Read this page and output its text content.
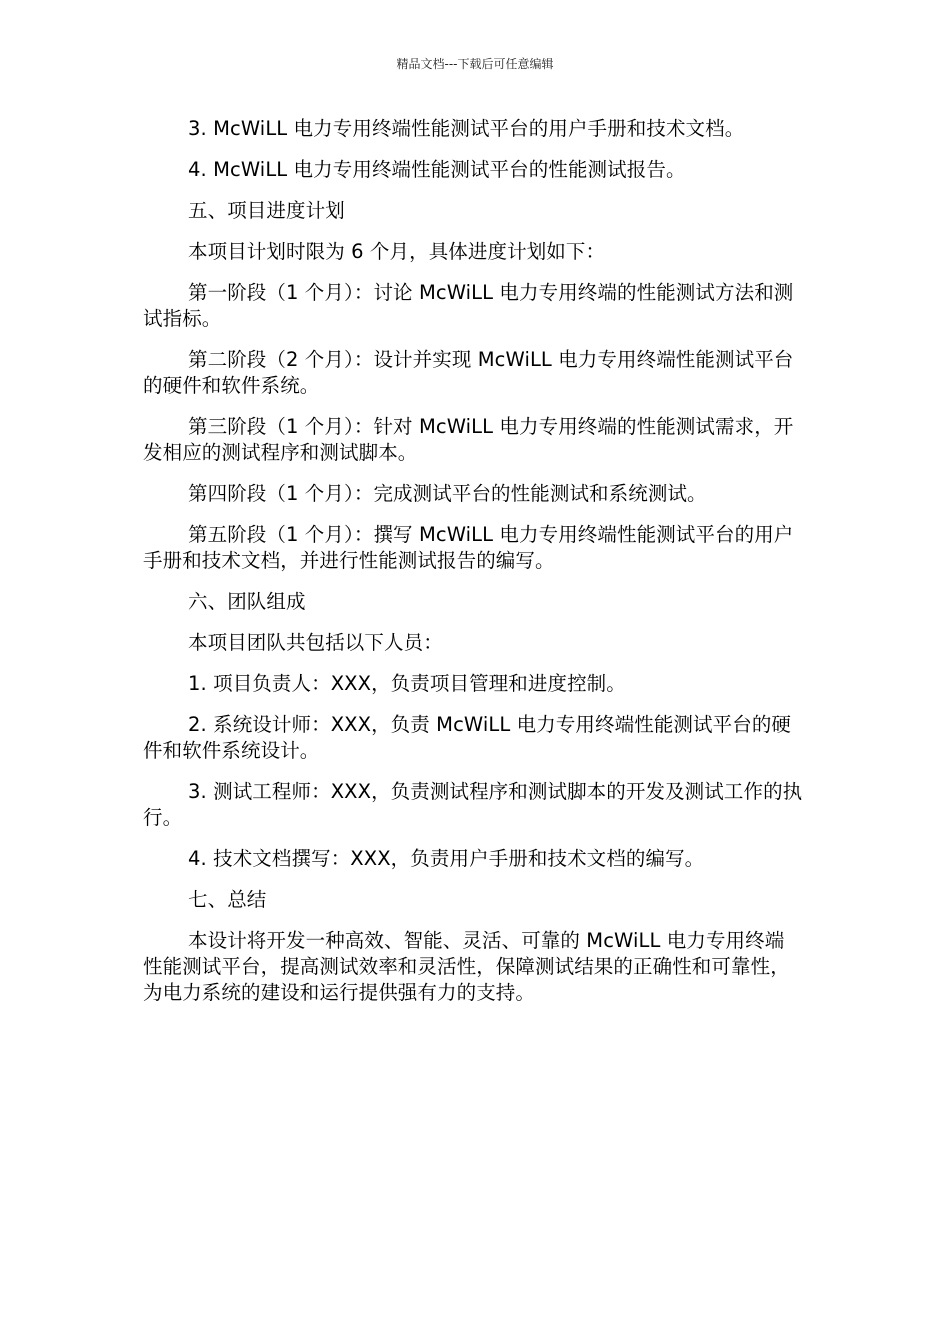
精品文档---下载后可任意编辑

3. McWiLL 电力专用终端性能测试平台的用户手册和技术文档。

4. McWiLL 电力专用终端性能测试平台的性能测试报告。

五、项目进度计划

本项目计划时限为 6 个月，具体进度计划如下：

第一阶段（1 个月）：讨论 McWiLL 电力专用终端的性能测试方法和测试指标。

第二阶段（2 个月）：设计并实现 McWiLL 电力专用终端性能测试平台的硬件和软件系统。

第三阶段（1 个月）：针对 McWiLL 电力专用终端的性能测试需求，开发相应的测试程序和测试脚本。

第四阶段（1 个月）：完成测试平台的性能测试和系统测试。

第五阶段（1 个月）：撰写 McWiLL 电力专用终端性能测试平台的用户手册和技术文档，并进行性能测试报告的编写。

六、团队组成

本项目团队共包括以下人员：

1. 项目负责人：XXX，负责项目管理和进度控制。

2. 系统设计师：XXX，负责 McWiLL 电力专用终端性能测试平台的硬件和软件系统设计。

3. 测试工程师：XXX，负责测试程序和测试脚本的开发及测试工作的执行。

4. 技术文档撰写：XXX，负责用户手册和技术文档的编写。

七、总结

本设计将开发一种高效、智能、灵活、可靠的 McWiLL 电力专用终端性能测试平台，提高测试效率和灵活性，保障测试结果的正确性和可靠性，为电力系统的建设和运行提供强有力的支持。
